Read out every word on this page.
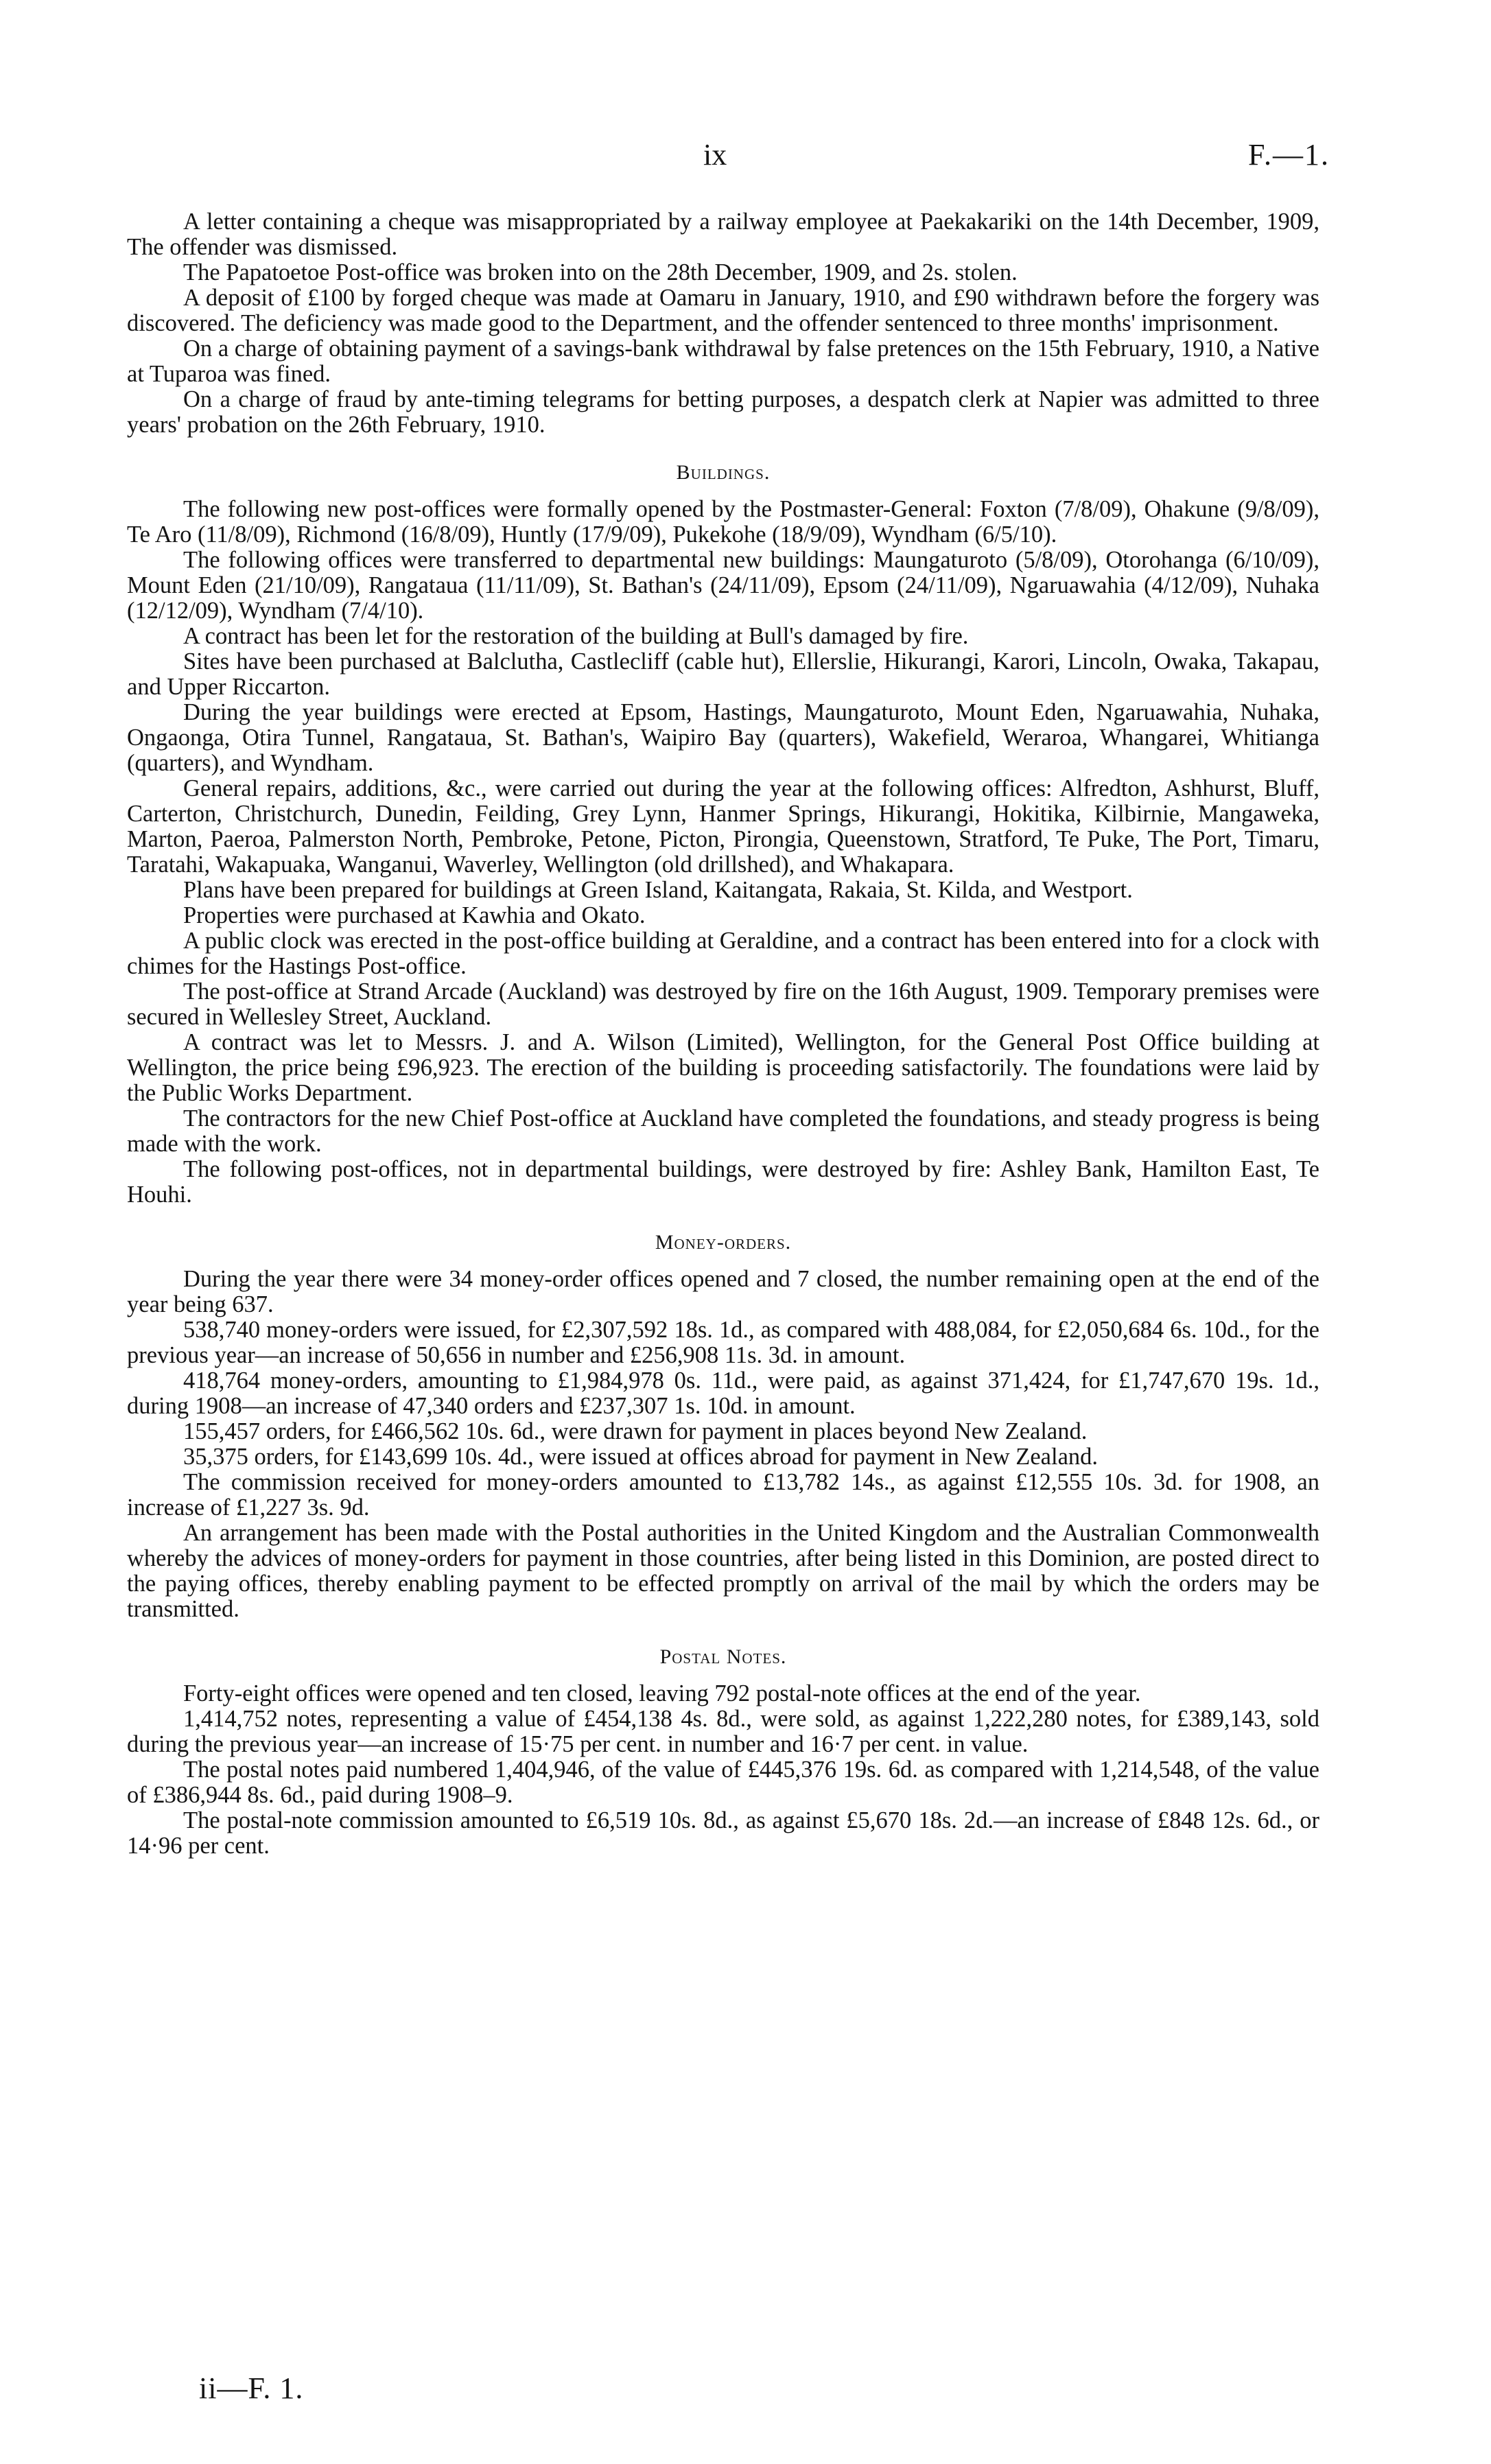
ix	F.—1.

A letter containing a cheque was misappropriated by a railway employee at Paekakariki on the 14th December, 1909, The offender was dismissed.

The Papatoetoe Post-office was broken into on the 28th December, 1909, and 2s. stolen.

A deposit of £100 by forged cheque was made at Oamaru in January, 1910, and £90 withdrawn before the forgery was discovered. The deficiency was made good to the Department, and the offender sentenced to three months' imprisonment.

On a charge of obtaining payment of a savings-bank withdrawal by false pretences on the 15th February, 1910, a Native at Tuparoa was fined.

On a charge of fraud by ante-timing telegrams for betting purposes, a despatch clerk at Napier was admitted to three years' probation on the 26th February, 1910.

Buildings.

The following new post-offices were formally opened by the Postmaster-General: Foxton (7/8/09), Ohakune (9/8/09), Te Aro (11/8/09), Richmond (16/8/09), Huntly (17/9/09), Pukekohe (18/9/09), Wyndham (6/5/10).

The following offices were transferred to departmental new buildings: Maungaturoto (5/8/09), Otorohanga (6/10/09), Mount Eden (21/10/09), Rangataua (11/11/09), St. Bathan's (24/11/09), Epsom (24/11/09), Ngaruawahia (4/12/09), Nuhaka (12/12/09), Wyndham (7/4/10).

A contract has been let for the restoration of the building at Bull's damaged by fire.

Sites have been purchased at Balclutha, Castlecliff (cable hut), Ellerslie, Hikurangi, Karori, Lincoln, Owaka, Takapau, and Upper Riccarton.

During the year buildings were erected at Epsom, Hastings, Maungaturoto, Mount Eden, Ngaruawahia, Nuhaka, Ongaonga, Otira Tunnel, Rangataua, St. Bathan's, Waipiro Bay (quarters), Wakefield, Weraroa, Whangarei, Whitianga (quarters), and Wyndham.

General repairs, additions, &c., were carried out during the year at the following offices: Alfredton, Ashhurst, Bluff, Carterton, Christchurch, Dunedin, Feilding, Grey Lynn, Hanmer Springs, Hikurangi, Hokitika, Kilbirnie, Mangaweka, Marton, Paeroa, Palmerston North, Pembroke, Petone, Picton, Pirongia, Queenstown, Stratford, Te Puke, The Port, Timaru, Taratahi, Wakapuaka, Wanganui, Waverley, Wellington (old drillshed), and Whakapara.

Plans have been prepared for buildings at Green Island, Kaitangata, Rakaia, St. Kilda, and Westport.

Properties were purchased at Kawhia and Okato.

A public clock was erected in the post-office building at Geraldine, and a contract has been entered into for a clock with chimes for the Hastings Post-office.

The post-office at Strand Arcade (Auckland) was destroyed by fire on the 16th August, 1909. Temporary premises were secured in Wellesley Street, Auckland.

A contract was let to Messrs. J. and A. Wilson (Limited), Wellington, for the General Post Office building at Wellington, the price being £96,923. The erection of the building is proceeding satisfactorily. The foundations were laid by the Public Works Department.

The contractors for the new Chief Post-office at Auckland have completed the foundations, and steady progress is being made with the work.

The following post-offices, not in departmental buildings, were destroyed by fire: Ashley Bank, Hamilton East, Te Houhi.

Money-orders.

During the year there were 34 money-order offices opened and 7 closed, the number remaining open at the end of the year being 637.

538,740 money-orders were issued, for £2,307,592 18s. 1d., as compared with 488,084, for £2,050,684 6s. 10d., for the previous year—an increase of 50,656 in number and £256,908 11s. 3d. in amount.

418,764 money-orders, amounting to £1,984,978 0s. 11d., were paid, as against 371,424, for £1,747,670 19s. 1d., during 1908—an increase of 47,340 orders and £237,307 1s. 10d. in amount.

155,457 orders, for £466,562 10s. 6d., were drawn for payment in places beyond New Zealand.

35,375 orders, for £143,699 10s. 4d., were issued at offices abroad for payment in New Zealand.

The commission received for money-orders amounted to £13,782 14s., as against £12,555 10s. 3d. for 1908, an increase of £1,227 3s. 9d.

An arrangement has been made with the Postal authorities in the United Kingdom and the Australian Commonwealth whereby the advices of money-orders for payment in those countries, after being listed in this Dominion, are posted direct to the paying offices, thereby enabling payment to be effected promptly on arrival of the mail by which the orders may be transmitted.

Postal Notes.

Forty-eight offices were opened and ten closed, leaving 792 postal-note offices at the end of the year.

1,414,752 notes, representing a value of £454,138 4s. 8d., were sold, as against 1,222,280 notes, for £389,143, sold during the previous year—an increase of 15·75 per cent. in number and 16·7 per cent. in value.

The postal notes paid numbered 1,404,946, of the value of £445,376 19s. 6d. as compared with 1,214,548, of the value of £386,944 8s. 6d., paid during 1908–9.

The postal-note commission amounted to £6,519 10s. 8d., as against £5,670 18s. 2d.—an increase of £848 12s. 6d., or 14·96 per cent.

ii—F. 1.
